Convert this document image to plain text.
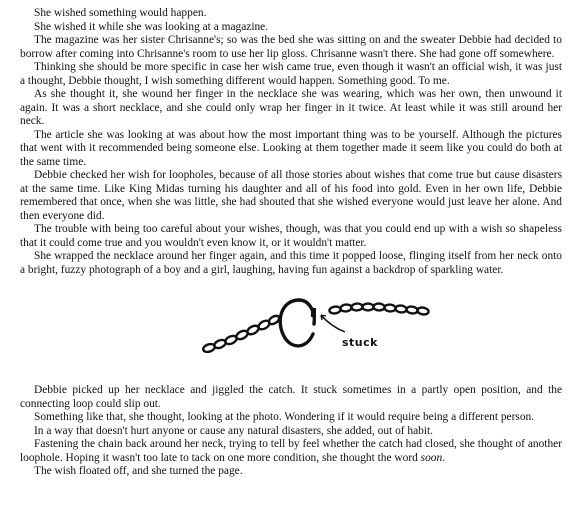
She wished something would happen.

She wished it while she was looking at a magazine.

The magazine was her sister Chrisanne's; so was the bed she was sitting on and the sweater Debbie had decided to borrow after coming into Chrisanne's room to use her lip gloss. Chrisanne wasn't there. She had gone off somewhere.

Thinking she should be more specific in case her wish came true, even though it wasn't an official wish, it was just a thought, Debbie thought, I wish something different would happen. Something good. To me.

As she thought it, she wound her finger in the necklace she was wearing, which was her own, then unwound it again. It was a short necklace, and she could only wrap her finger in it twice. At least while it was still around her neck.

The article she was looking at was about how the most important thing was to be yourself. Although the pictures that went with it recommended being someone else. Looking at them together made it seem like you could do both at the same time.

Debbie checked her wish for loopholes, because of all those stories about wishes that come true but cause disasters at the same time. Like King Midas turning his daughter and all of his food into gold. Even in her own life, Debbie remembered that once, when she was little, she had shouted that she wished everyone would just leave her alone. And then everyone did.

The trouble with being too careful about your wishes, though, was that you could end up with a wish so shapeless that it could come true and you wouldn't even know it, or it wouldn't matter.

She wrapped the necklace around her finger again, and this time it popped loose, flinging itself from her neck onto a bright, fuzzy photograph of a boy and a girl, laughing, having fun against a backdrop of sparkling water.

stuck

Debbie picked up her necklace and jiggled the catch. It stuck sometimes in a partly open position, and the connecting loop could slip out.

Something like that, she thought, looking at the photo. Wondering if it would require being a different person.

In a way that doesn't hurt anyone or cause any natural disasters, she added, out of habit.

Fastening the chain back around her neck, trying to tell by feel whether the catch had closed, she thought of another loophole. Hoping it wasn't too late to tack on one more condition, she thought the word soon.

The wish floated off, and she turned the page.
